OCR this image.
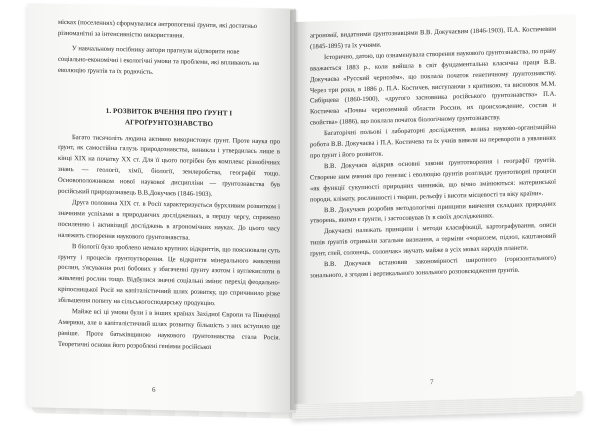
місках (поселеннях) сформувалися антропогенні ґрунти, які достатньо

різноманітні за інтенсивністю використання.

У навчальному посібнику автори прагнули відтворити нове

соціально-економічні і екологічні умови та проблеми, які впливають на

еволюцію ґрунтів та їх родючість.

1. РОЗВИТОК ВЧЕННЯ ПРО ҐРУНТ І
АГРОҐРУНТОЗНАВСТВО

Багато тисячоліть людина активно використовує ґрунт. Проте наука про ґрунт, як самостійна галузь природознавства, виникла і утвердилась лише в кінці XIX на початку XX ст. Для її цього потрібен був комплекс різнобічних знань — геології, хімії, біології, землеробства, географії тощо. Основоположником нової наукової дисципліни — ґрунтознавства був російський природознавець В.В.Докучаєв (1846-1903).

Друга половина XIX ст. в Росії характеризується бурхливим розвитком і значними успіхами в природничих дослідженнях, в першу чергу, спряжено посиленню і активізації досліджень в агрономічних науках. До цього часу належить створення наукового ґрунтознавства.

В біології було зроблено немало крупних відкриттів, що пояснювали суть ґрунту і процесів ґрунтоутворення. Це відкриття мінерального живлення рослин, з'ясування ролі бобових у збагаченні ґрунту азотом і вуглекислоти в живленні рослин тощо. Відбулися значні соціальні зміни: перехід феодально-кріпосницької Росії на капіталістичний шлях розвитку, що спричинило різке збільшення попиту на сільськогосподарську продукцію.

Майже всі ці умови були і в інших країнах Західної Європи та Північної Америки, але в капіталістичний шлях розвитку більшість з них вступило ще раніше. Проте батьківщиною наукового ґрунтознавства стала Росія. Теоретичні основи його розроблені геніями російської

6

агрономії, видатними ґрунтознавцями В.В. Докучаєвим (1846-1903), П.А. Костичевим (1845-1895) та їх учнями.

Історично, датою, що ознаменувала створення наукового ґрунтознавства, по праву вважається 1883 р., коли вийшла в світ фундаментальна класична праця В.В. Докучаєва «Русский чернозём», що поклала початок генетичному ґрунтознавству. Через три роки, в 1886 р. П.А. Костичев, виступаючи з критикою, та висновок М.М. Сибірцева (1860-1900), «другого засновника російського ґрунтознавства» П.А. Костичева «Почвы черноземной области России, их происхождение, состав и свойства» (1886), що поклала початок біологічному ґрунтознавству.

Багаторічні польові і лабораторні дослідження, велика науково-організаційна робота В.В. Докучаєва і П.А. Костичева та їх учнів вивели на перевороти в уявленнях про ґрунт і його розвиток.

В.В. Докучаєв відкрив основні закони ґрунтотворення і географії ґрунтів. Створене ним вчення про генезис і еволюцію ґрунтів розглядає ґрунтотворні процеси «як функції сукупності природних чинників, що вічно змінюються: материнської породи, клімату, рослинності і тварин, рельєфу і висоти місцевості та віку країни».

В.В. Докучаєв розробив методологічні принципи вивчення складних природних утворень, якими є ґрунти, і застосовував їх в своїх дослідженнях.

Докучаєві належать принципи і методи класифікації, картографування, описи типів ґрунтів отримали загальне визнання, а терміни «чорнозем, підзол, каштановий ґрунт, глей, солонець, солончак» звучать майже в усіх мовах народів планети.

В.В. Докучаєв встановив закономірності широтного (горизонтального) зонального, а згодом і вертикального зонального розповсюдження ґрунтів.

7
